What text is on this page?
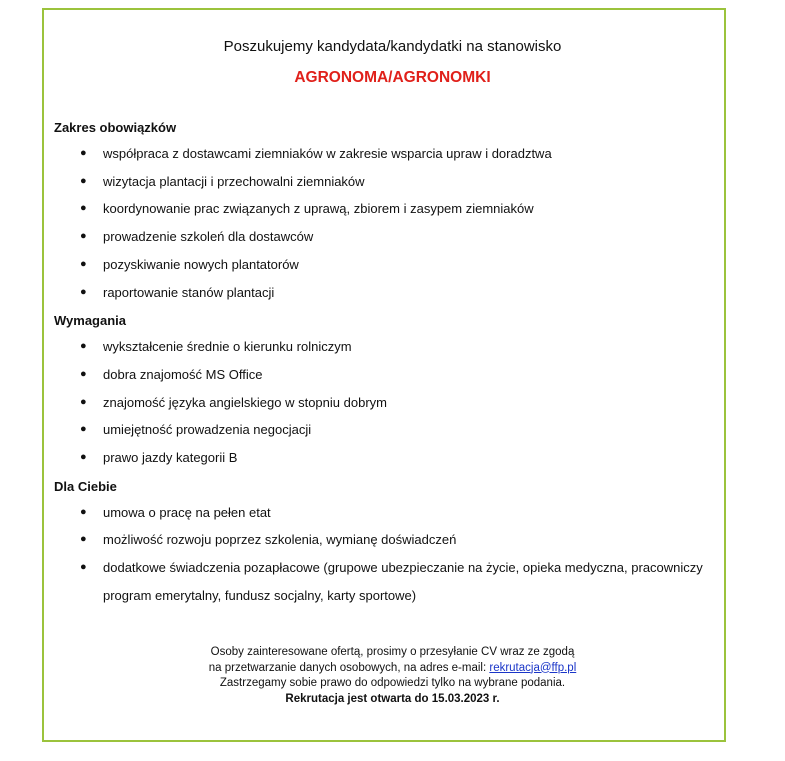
Poszukujemy kandydata/kandydatki na stanowisko
AGRONOMA/AGRONOMKI
Zakres obowiązków
● współpraca z dostawcami ziemniaków w zakresie wsparcia upraw i doradztwa
● wizytacja plantacji i przechowalni ziemniaków
● koordynowanie prac związanych z uprawą, zbiorem i zasypem ziemniaków
● prowadzenie szkoleń dla dostawców
● pozyskiwanie nowych plantatorów
● raportowanie stanów plantacji
Wymagania
● wykształcenie średnie o kierunku rolniczym
● dobra znajomość MS Office
● znajomość języka angielskiego w stopniu dobrym
● umiejętność prowadzenia negocjacji
● prawo jazdy kategorii B
Dla Ciebie
● umowa o pracę na pełen etat
● możliwość rozwoju poprzez szkolenia, wymianę doświadczeń
● dodatkowe świadczenia pozapłacowe (grupowe ubezpieczanie na życie, opieka medyczna, pracowniczy program emerytalny, fundusz socjalny, karty sportowe)
Osoby zainteresowane ofertą, prosimy o przesyłanie CV wraz ze zgodą
na przetwarzanie danych osobowych, na adres e-mail: rekrutacja@ffp.pl
Zastrzegamy sobie prawo do odpowiedzi tylko na wybrane podania.
Rekrutacja jest otwarta do 15.03.2023 r.
